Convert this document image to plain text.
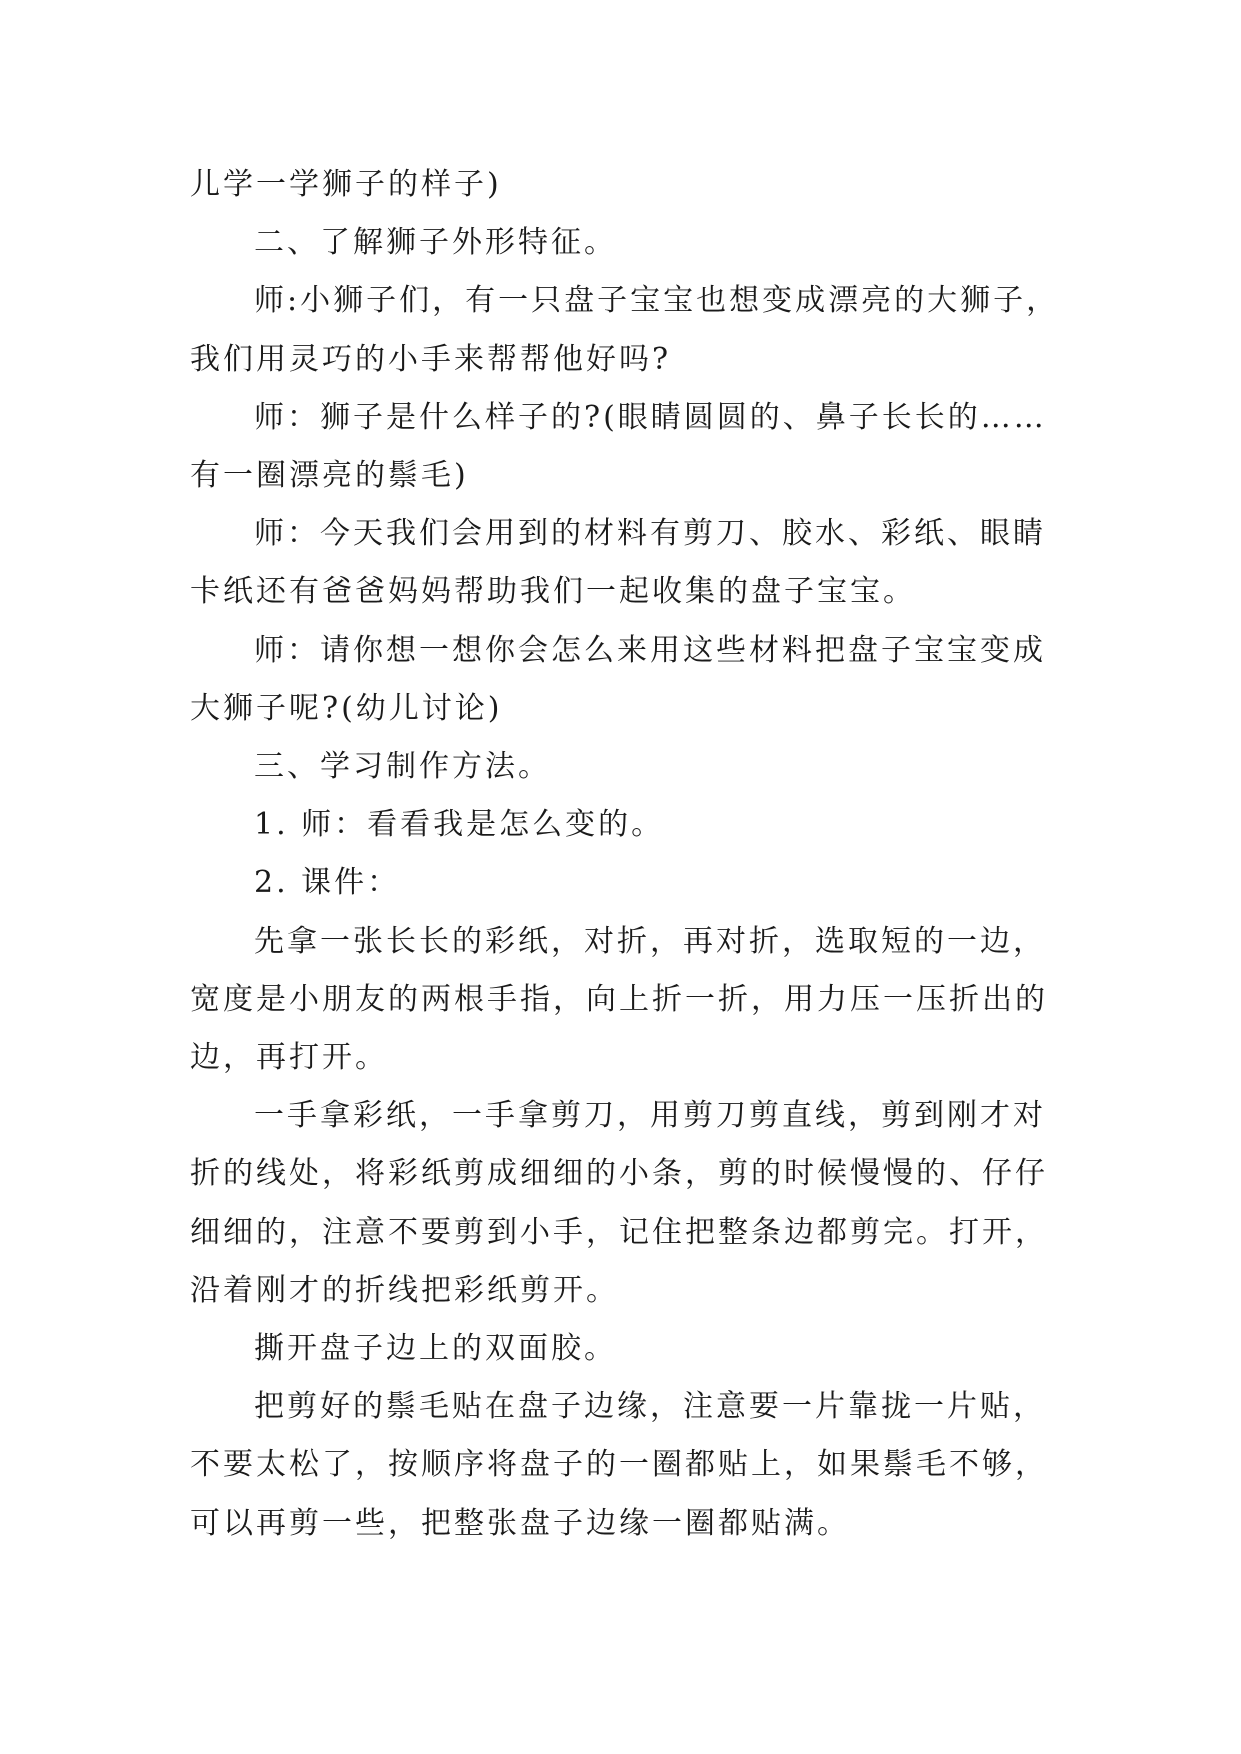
儿学一学狮子的样子)
二、了解狮子外形特征。
师:小狮子们，有一只盘子宝宝也想变成漂亮的大狮子，
我们用灵巧的小手来帮帮他好吗?
师：狮子是什么样子的?(眼睛圆圆的、鼻子长长的……
有一圈漂亮的鬃毛)
师：今天我们会用到的材料有剪刀、胶水、彩纸、眼睛
卡纸还有爸爸妈妈帮助我们一起收集的盘子宝宝。
师：请你想一想你会怎么来用这些材料把盘子宝宝变成
大狮子呢?(幼儿讨论)
三、学习制作方法。
1. 师：看看我是怎么变的。
2. 课件：
先拿一张长长的彩纸，对折，再对折，选取短的一边，
宽度是小朋友的两根手指，向上折一折，用力压一压折出的
边，再打开。
一手拿彩纸，一手拿剪刀，用剪刀剪直线，剪到刚才对
折的线处，将彩纸剪成细细的小条，剪的时候慢慢的、仔仔
细细的，注意不要剪到小手，记住把整条边都剪完。打开，
沿着刚才的折线把彩纸剪开。
撕开盘子边上的双面胶。
把剪好的鬃毛贴在盘子边缘，注意要一片靠拢一片贴，
不要太松了，按顺序将盘子的一圈都贴上，如果鬃毛不够，
可以再剪一些，把整张盘子边缘一圈都贴满。
